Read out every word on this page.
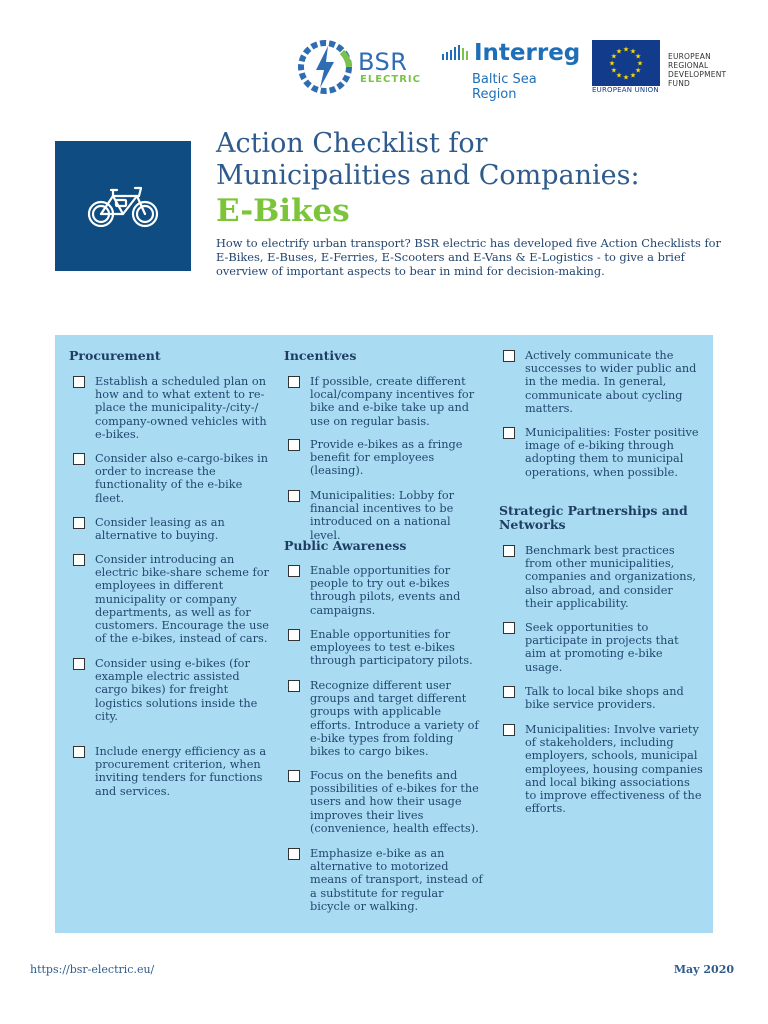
BSR
ELECTRIC
Interreg
Baltic Sea Region
★ ★
★
★
★
★
★
★
★
★
★
★
EUROPEAN UNION
EUROPEAN
REGIONAL
DEVELOPMENT
FUND
Action Checklist for
Municipalities and Companies:
E-Bikes
How to electrify urban transport? BSR electric has developed five Action Checklists for E-Bikes, E-Buses, E-Ferries, E-Scooters and E-Vans & E-Logistics - to give a brief overview of important aspects to bear in mind for decision-making.
Procurement
Establish a scheduled plan on how and to what extent to re-place the municipality-/city-/ company-owned vehicles with e-bikes.
Consider also e-cargo-bikes in order to increase the functionality of the e-bike fleet.
Consider leasing as an alternative to buying.
Consider introducing an electric bike-share scheme for employees in different municipality or company departments, as well as for customers. Encourage the use of the e-bikes, instead of cars.
Consider using e-bikes (for example electric assisted cargo bikes) for freight logistics solutions inside the city.
Include energy efficiency as a procurement criterion, when inviting tenders for functions and services.
Incentives
If possible, create different local/company incentives for bike and e-bike take up and use on regular basis.
Provide e-bikes as a fringe benefit for employees (leasing).
Municipalities: Lobby for financial incentives to be introduced on a national level.
Public Awareness
Enable opportunities for people to try out e-bikes through pilots, events and campaigns.
Enable opportunities for employees to test e-bikes through participatory pilots.
Recognize different user groups and target different groups with applicable efforts. Introduce a variety of e-bike types from folding bikes to cargo bikes.
Focus on the benefits and possibilities of e-bikes for the users and how their usage improves their lives (convenience, health effects).
Emphasize e-bike as an alternative to motorized means of transport, instead of a substitute for regular bicycle or walking.
Actively communicate the successes to wider public and in the media. In general, communicate about cycling matters.
Municipalities: Foster positive image of e-biking through adopting them to municipal operations, when possible.
Strategic Partnerships and Networks
Benchmark best practices from other municipalities, companies and organizations, also abroad, and consider their applicability.
Seek opportunities to participate in projects that aim at promoting e-bike usage.
Talk to local bike shops and bike service providers.
Municipalities: Involve variety of stakeholders, including employers, schools, municipal employees, housing companies and local biking associations to improve effectiveness of the efforts.
https://bsr-electric.eu/	May 2020
